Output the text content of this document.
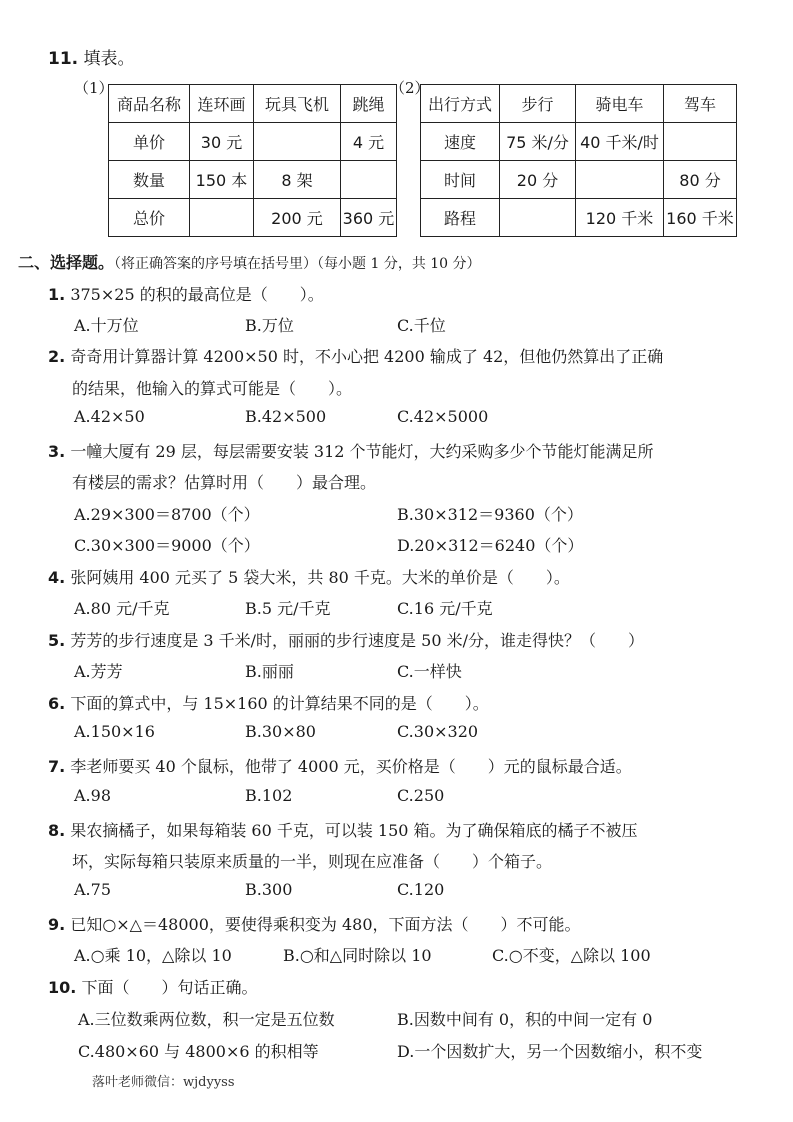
11. 填表。
（1）	（2）
商品名称	连环画	玩具飞机	跳绳
单价	30 元		4 元
数量	150 本	8 架	
总价		200 元	360 元
出行方式	步行	骑电车	驾车
速度	75 米/分	40 千米/时	
时间	20 分		80 分
路程		120 千米	160 千米
二、选择题。（将正确答案的序号填在括号里）（每小题 1 分，共 10 分）
1. 375×25 的积的最高位是（　　）。
A.十万位	B.万位	C.千位
2. 奇奇用计算器计算 4200×50 时，不小心把 4200 输成了 42，但他仍然算出了正确
的结果，他输入的算式可能是（　　）。
A.42×50	B.42×500	C.42×5000
3. 一幢大厦有 29 层，每层需要安装 312 个节能灯，大约采购多少个节能灯能满足所
有楼层的需求？估算时用（　　）最合理。
A.29×300＝8700（个）	B.30×312＝9360（个）
C.30×300＝9000（个）	D.20×312＝6240（个）
4. 张阿姨用 400 元买了 5 袋大米，共 80 千克。大米的单价是（　　）。
A.80 元/千克	B.5 元/千克	C.16 元/千克
5. 芳芳的步行速度是 3 千米/时，丽丽的步行速度是 50 米/分，谁走得快？（　　）
A.芳芳	B.丽丽	C.一样快
6. 下面的算式中，与 15×160 的计算结果不同的是（　　）。
A.150×16	B.30×80	C.30×320
7. 李老师要买 40 个鼠标，他带了 4000 元，买价格是（　　）元的鼠标最合适。
A.98	B.102	C.250
8. 果农摘橘子，如果每箱装 60 千克，可以装 150 箱。为了确保箱底的橘子不被压
坏，实际每箱只装原来质量的一半，则现在应准备（　　）个箱子。
A.75	B.300	C.120
9. 已知○×△＝48000，要使得乘积变为 480，下面方法（　　）不可能。
A.○乘 10，△除以 10	B.○和△同时除以 10	C.○不变，△除以 100
10. 下面（　　）句话正确。
A.三位数乘两位数，积一定是五位数	B.因数中间有 0，积的中间一定有 0
C.480×60 与 4800×6 的积相等	D.一个因数扩大，另一个因数缩小，积不变
落叶老师微信：wjdyyss
